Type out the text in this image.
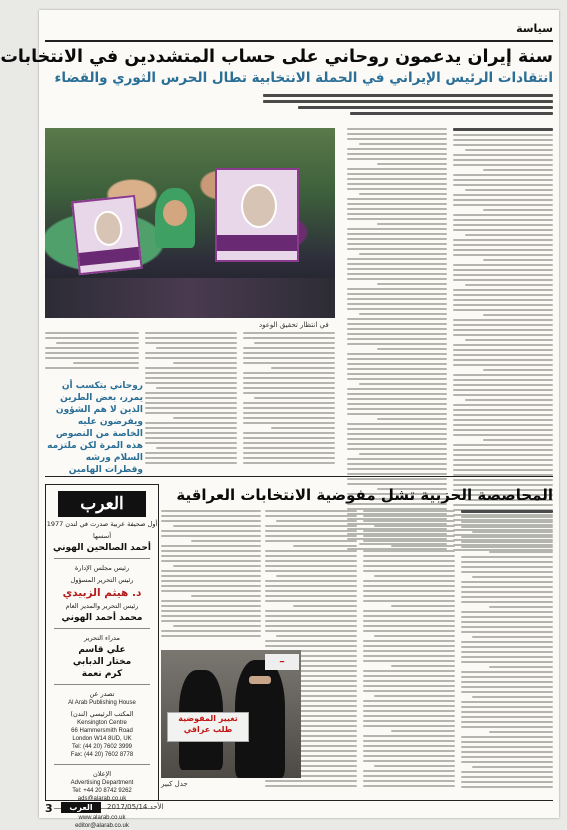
سياسة
سنة إيران يدعمون روحاني على حساب المتشددين في الانتخابات
انتقادات الرئيس الإيراني في الحملة الانتخابية تطال الحرس الثوري والقضاء
في انتظار تحقيق الوعود
روحاني يتكسب أن يمرر، بعض الطرين الذين لا هم الشؤون ويفرضون عليه الخاصة من النصوص هذه المرة لكن ملتزمه السلام ورشه وقطرات الهامين
المحاصصة الحزبية تشل مفوضية الانتخابات العراقية
تغيير المفوضية
طلب عراقي
━
جدل كبير
العرب
أول صحيفة عربية صدرت في لندن 1977
أسسها
أحمد الصالحين الهوني
رئيس مجلس الإدارة
رئيس التحرير المسؤول
د. هيثم الزبيدي
رئيس التحرير والمدير العام
محمد أحمد الهوني
مدراء التحرير
علي قاسم
مختار الدبابي
كرم نعمة
تصدر عن
Al Arab Publishing House
المكتب الرئيسي (لندن)
Kensington Centre
66 Hammersmith Road
London W14 8UD, UK
Tel: (44 20) 7602 3999
Fax: (44 20) 7602 8778
الإعلان
Advertising Department
Tel: +44 20 8742 9262
ads@alarab.co.uk
www.alarab.co.uk
editor@alarab.co.uk
3	العرب	الأحد 2017/05/14
